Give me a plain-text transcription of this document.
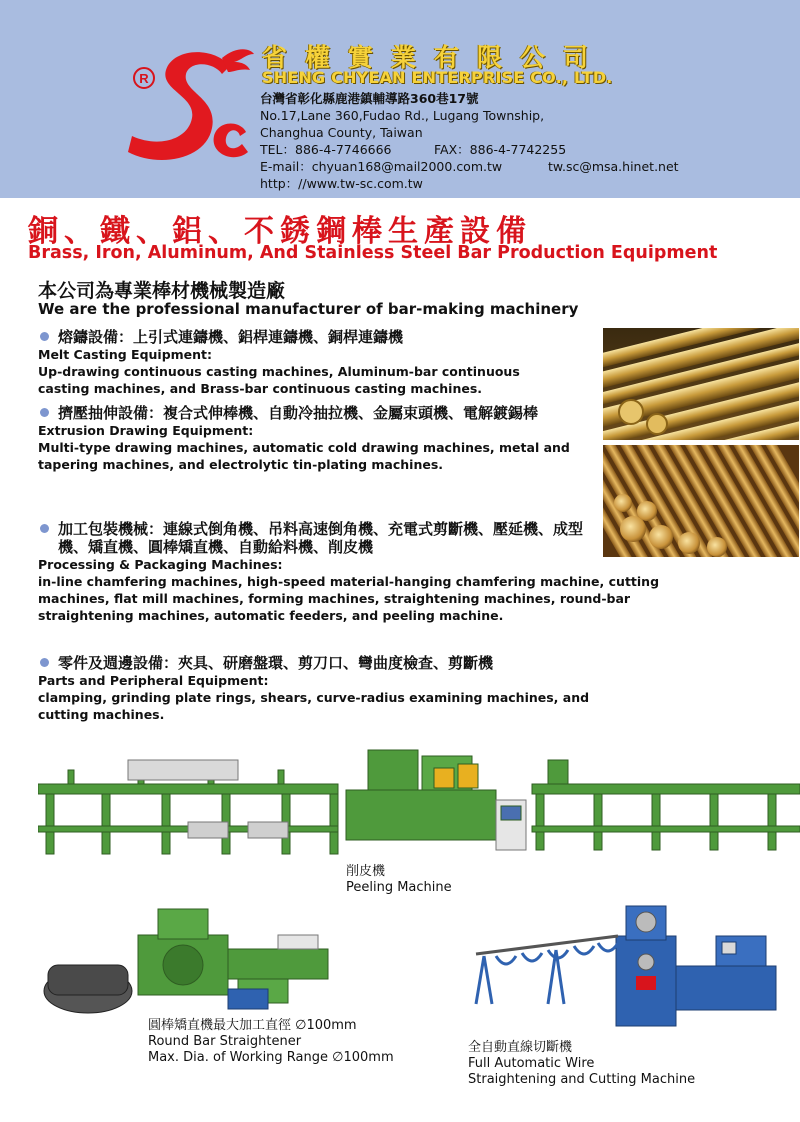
R
省權實業有限公司
SHENG CHYEAN ENTERPRISE CO., LTD.
台灣省彰化縣鹿港鎮輔導路360巷17號
No.17,Lane 360,Fudao Rd., Lugang Township,
Changhua County, Taiwan
TEL：886-4-7746666	FAX：886-4-7742255
E-mail：chyuan168@mail2000.com.tw	tw.sc@msa.hinet.net
http：//www.tw-sc.com.tw
銅、鐵、鋁、不銹鋼棒生產設備
Brass, Iron, Aluminum, And Stainless Steel Bar Production Equipment
本公司為專業棒材機械製造廠
We are the professional manufacturer of bar-making machinery
熔鑄設備：上引式連鑄機、鋁桿連鑄機、銅桿連鑄機
Melt Casting Equipment:
Up-drawing continuous casting machines, Aluminum-bar continuous casting machines, and Brass-bar continuous casting machines.
擠壓抽伸設備：複合式伸棒機、自動冷抽拉機、金屬束頭機、電解鍍錫棒
Extrusion Drawing Equipment:
Multi-type drawing machines, automatic cold drawing machines, metal and tapering machines, and electrolytic tin-plating machines.
加工包裝機械：連線式倒角機、吊料高速倒角機、充電式剪斷機、壓延機、成型機、矯直機、圓棒矯直機、自動給料機、削皮機
Processing & Packaging Machines:
in-line chamfering machines, high-speed material-hanging chamfering machine, cutting machines, flat mill machines, forming machines, straightening machines, round-bar straightening machines, automatic feeders, and peeling machine.
零件及週邊設備：夾具、研磨盤環、剪刀口、彎曲度檢查、剪斷機
Parts and Peripheral Equipment:
clamping, grinding plate rings, shears, curve-radius examining machines, and cutting machines.
削皮機
Peeling Machine
圓棒矯直機最大加工直徑 ∅100mm
Round Bar Straightener
Max. Dia. of Working Range ∅100mm
全自動直線切斷機
Full Automatic Wire
Straightening and Cutting Machine
